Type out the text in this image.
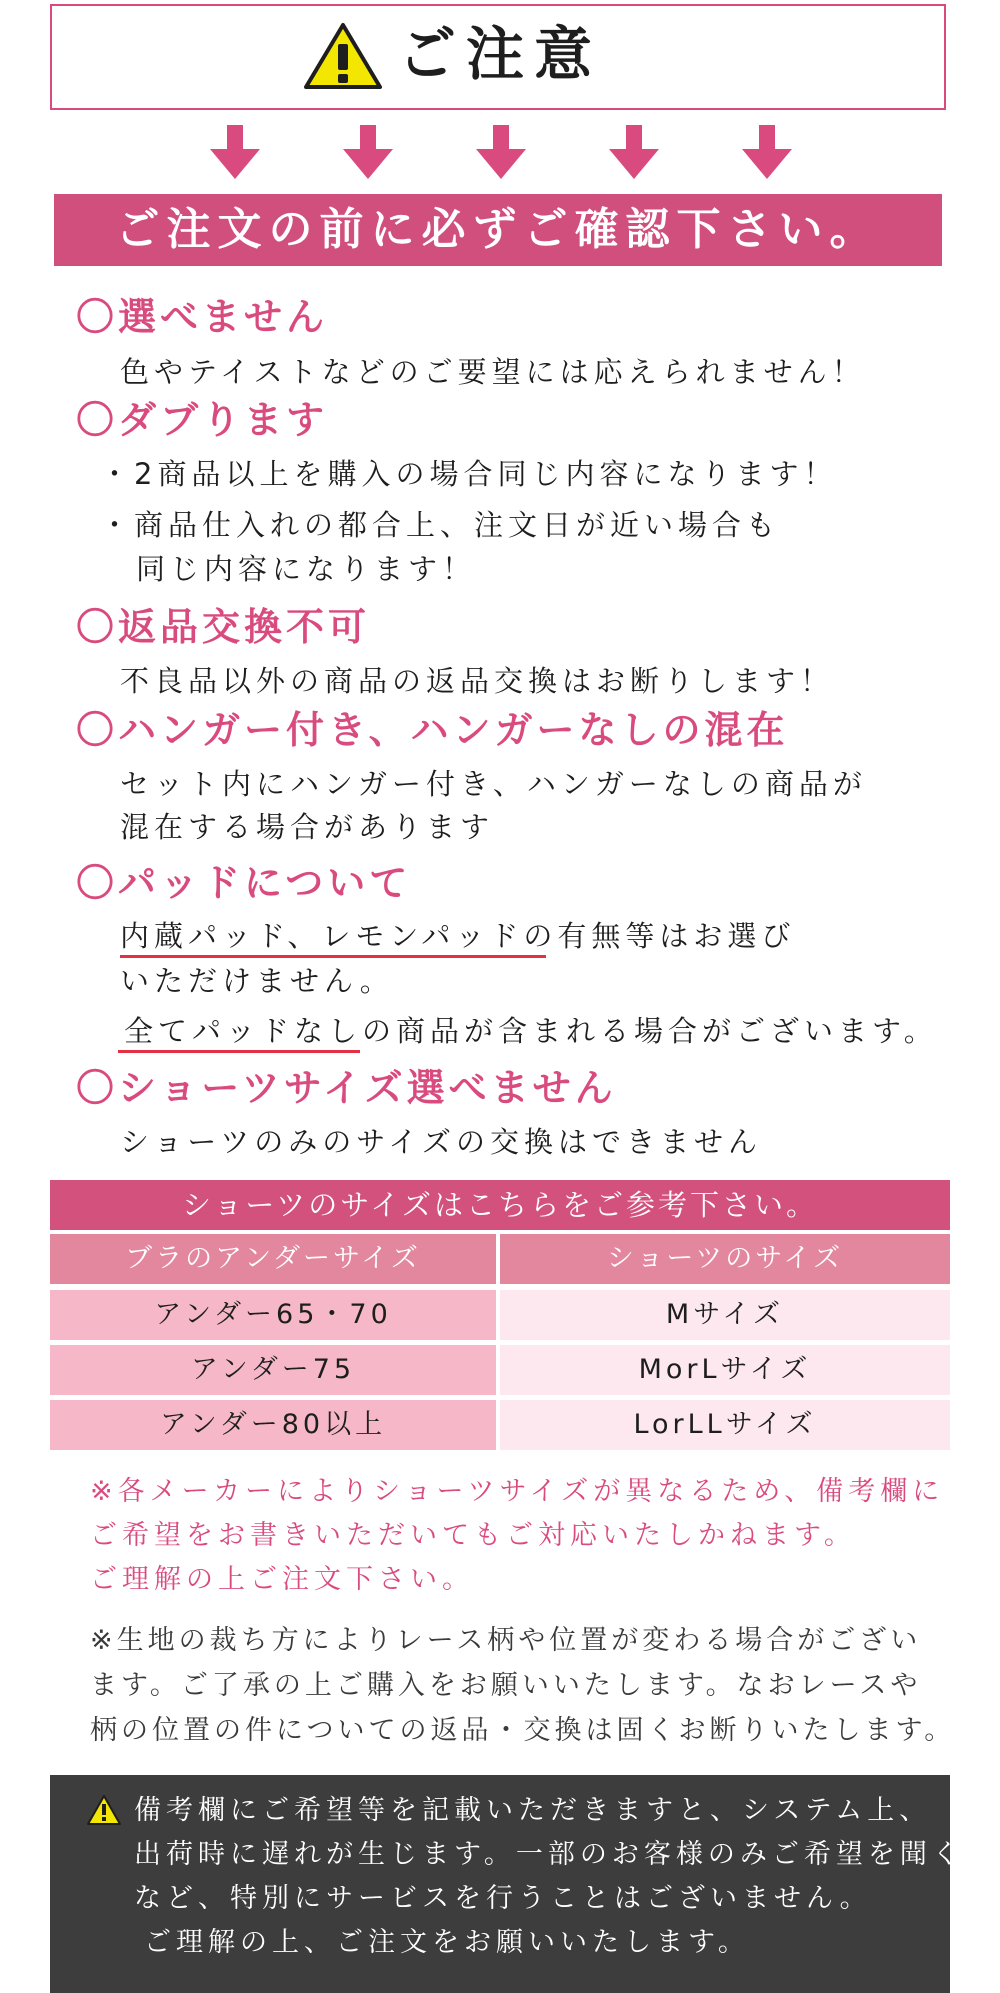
ご注意
ご注文の前に必ずご確認下さい。
〇選べません
色やテイストなどのご要望には応えられません！
〇ダブります
・2商品以上を購入の場合同じ内容になります！
・商品仕入れの都合上、注文日が近い場合も
同じ内容になります！
〇返品交換不可
不良品以外の商品の返品交換はお断りします！
〇ハンガー付き、ハンガーなしの混在
セット内にハンガー付き、ハンガーなしの商品が
混在する場合があります
〇パッドについて
内蔵パッド、レモンパッドの有無等はお選び
いただけません。
全てパッドなしの商品が含まれる場合がございます。
〇ショーツサイズ選べません
ショーツのみのサイズの交換はできません
ショーツのサイズはこちらをご参考下さい。
ブラのアンダーサイズ	ショーツのサイズ
アンダー65・70	Mサイズ
アンダー75	MorLサイズ
アンダー80以上	LorLLサイズ
※各メーカーによりショーツサイズが異なるため、備考欄に
ご希望をお書きいただいてもご対応いたしかねます。
ご理解の上ご注文下さい。
※生地の裁ち方によりレース柄や位置が変わる場合がござい
ます。ご了承の上ご購入をお願いいたします。なおレースや
柄の位置の件についての返品・交換は固くお断りいたします。
備考欄にご希望等を記載いただきますと、システム上、
出荷時に遅れが生じます。一部のお客様のみご希望を聞く
など、特別にサービスを行うことはございません。
ご理解の上、ご注文をお願いいたします。
